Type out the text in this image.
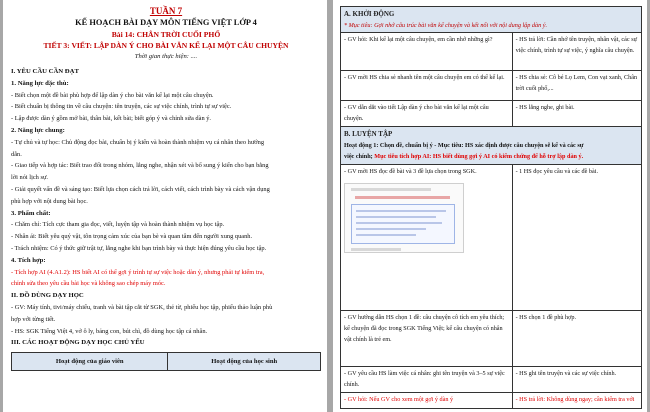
TUẦN 7
KẾ HOẠCH BÀI DẠY MÔN TIẾNG VIỆT LỚP 4
Bài 14: CHÂN TRỜI CUỐI PHỐ
TIẾT 3: VIẾT: LẬP DÀN Ý CHO BÀI VĂN KỂ LẠI MỘT CÂU CHUYỆN
Thời gian thực hiện: ....
I. YÊU CẦU CẦN ĐẠT
1. Năng lực đặc thù:
- Biết chọn một đề bài phù hợp để lập dàn ý cho bài văn kể lại một câu chuyện.
- Biết chuẩn bị thông tin về câu chuyện: tên truyện, các sự việc chính, trình tự sự việc.
- Lập được dàn ý gồm mở bài, thân bài, kết bài; biết góp ý và chỉnh sửa dàn ý.
2. Năng lực chung:
- Tự chủ và tự học: Chủ động đọc bài, chuẩn bị ý kiến và hoàn thành nhiệm vụ cá nhân theo hướng
dẫn.
- Giao tiếp và hợp tác: Biết trao đổi trong nhóm, lắng nghe, nhận xét và bổ sung ý kiến cho bạn bằng
lời nói lịch sự.
- Giải quyết vấn đề và sáng tạo: Biết lựa chọn cách trả lời, cách viết, cách trình bày và cách vận dụng
phù hợp với nội dung bài học.
3. Phẩm chất:
- Chăm chỉ: Tích cực tham gia đọc, viết, luyện tập và hoàn thành nhiệm vụ học tập.
- Nhân ái: Biết yêu quý vật, tôn trọng cảm xúc của bạn bè và quan tâm đến người xung quanh.
- Trách nhiệm: Có ý thức giữ trật tự, lắng nghe khi bạn trình bày và thực hiện đúng yêu cầu học tập.
4. Tích hợp:
- Tích hợp AI (4.A1.2): HS biết AI có thể gợi ý trình tự sự việc hoặc dàn ý, nhưng phải tự kiểm tra,
chỉnh sửa theo yêu cầu bài học và không sao chép máy móc.
II. ĐỒ DÙNG DẠY HỌC
- GV: Máy tính, tivi/máy chiếu, tranh và bài tập cắt từ SGK, thẻ từ, phiếu học tập, phiếu thảo luận phù
hợp với từng tiết.
- HS: SGK Tiếng Việt 4, vở ô ly, bảng con, bút chì, đồ dùng học tập cá nhân.
III. CÁC HOẠT ĐỘNG DẠY HỌC CHỦ YẾU
Hoạt động của giáo viên	Hoạt động của học sinh
A. KHỞI ĐỘNG
* Mục tiêu: Gợi nhớ câu trúc bài văn kể chuyện và kết nối với nội dung lập dàn ý.	

- GV hỏi: Khi kể lại một câu chuyện, em cần nhớ những gì?	- HS trả lời: Cần nhớ tên truyện, nhân vật, các sự việc chính, trình tự sự việc, ý nghĩa câu chuyện.
- GV mời HS chia sẻ nhanh tên một câu chuyện em có thể kể lại.	- HS chia sẻ: Cô bé Lọ Lem, Con vạt xanh, Chân trời cuối phố,...
- GV dẫn dắt vào tiết Lập dàn ý cho bài văn kể lại một câu chuyện.	- HS lắng nghe, ghi bài.

B. LUYỆN TẬP
Hoạt động 1: Chọn đề, chuẩn bị ý - Mục tiêu: HS xác định được câu chuyện sẽ kể và các sự
việc chính; Mục tiêu tích hợp AI: HS biết dùng gợi ý AI có kiểm chứng để hỗ trợ lập dàn ý.	

- GV mời HS đọc đề bài và 3 đề lựa chọn trong SGK.	- 1 HS đọc yêu cầu và các đề bài.
- GV hướng dẫn HS chọn 1 đề: câu chuyện cô tích em yêu thích; kể chuyện đã đọc trong SGK Tiếng Việt; kể câu chuyện có nhân vật chính là trẻ em.	- HS chọn 1 đề phù hợp.
- GV yêu cầu HS làm việc cá nhân: ghi tên truyện và 3–5 sự việc chính.	- HS ghi tên truyện và các sự việc chính.
- GV hỏi: Nếu GV cho xem một gợi ý dàn ý	- HS trả lời: Không dùng ngay; cần kiểm tra với
